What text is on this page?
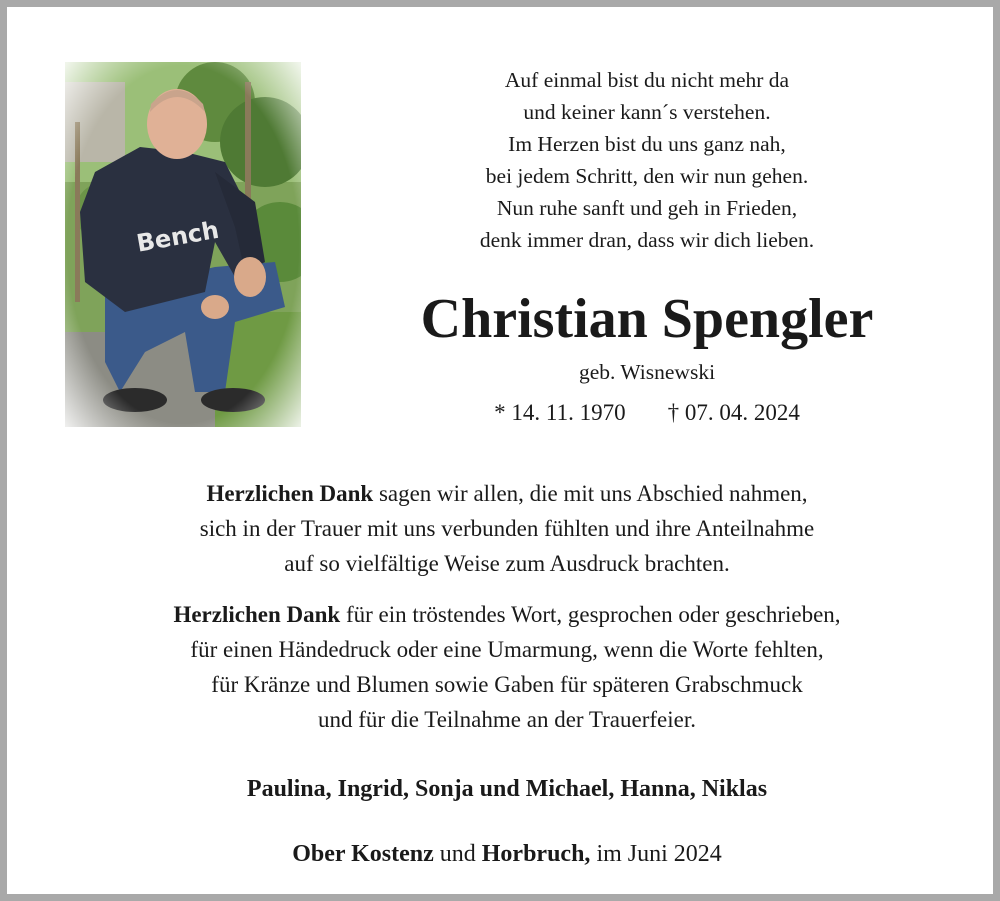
Auf einmal bist du nicht mehr da
und keiner kann´s verstehen.
Im Herzen bist du uns ganz nah,
bei jedem Schritt, den wir nun gehen.
Nun ruhe sanft und geh in Frieden,
denk immer dran, dass wir dich lieben.
Christian Spengler
geb. Wisnewski
* 14. 11. 1970 † 07. 04. 2024
Herzlichen Dank sagen wir allen, die mit uns Abschied nahmen,
sich in der Trauer mit uns verbunden fühlten und ihre Anteilnahme
auf so vielfältige Weise zum Ausdruck brachten.
Herzlichen Dank für ein tröstendes Wort, gesprochen oder geschrieben,
für einen Händedruck oder eine Umarmung, wenn die Worte fehlten,
für Kränze und Blumen sowie Gaben für späteren Grabschmuck
und für die Teilnahme an der Trauerfeier.
Paulina, Ingrid, Sonja und Michael, Hanna, Niklas
Ober Kostenz und Horbruch, im Juni 2024
